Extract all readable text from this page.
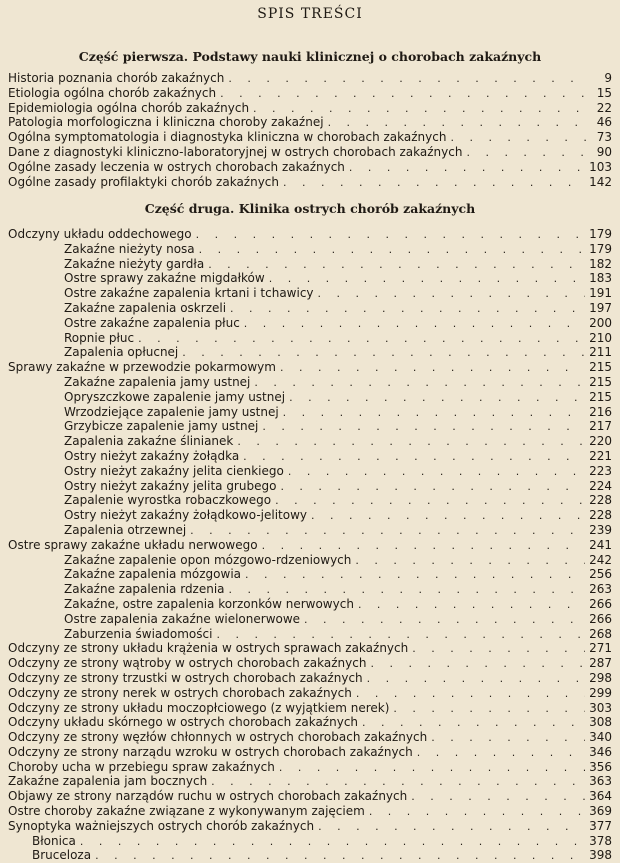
SPIS TREŚCI
Część pierwsza. Podstawy nauki klinicznej o chorobach zakaźnych
Historia poznania chorób zakaźnych . . .	9
Etiologia ogólna chorób zakaźnych . . .	15
Epidemiologia ogólna chorób zakaźnych . . .	22
Patologia morfologiczna i kliniczna choroby zakaźnej . . .	46
Ogólna symptomatologia i diagnostyka kliniczna w chorobach zakaźnych . . .	73
Dane z diagnostyki kliniczno-laboratoryjnej w ostrych chorobach zakaźnych . . .	90
Ogólne zasady leczenia w ostrych chorobach zakaźnych . . .	103
Ogólne zasady profilaktyki chorób zakaźnych . . .	142
Część druga. Klinika ostrych chorób zakaźnych
Odczyny układu oddechowego . . .	179
Zakaźne nieżyty nosa . . .	179
Zakaźne nieżyty gardła . . .	182
Ostre sprawy zakaźne migdałków . . .	183
Ostre zakaźne zapalenia krtani i tchawicy . . .	191
Zakaźne zapalenia oskrzeli . . .	197
Ostre zakaźne zapalenia płuc . . .	200
Ropnie płuc . . .	210
Zapalenia opłucnej . . .	211
Sprawy zakaźne w przewodzie pokarmowym . . .	215
Zakaźne zapalenia jamy ustnej . . .	215
Opryszczkowe zapalenie jamy ustnej . . .	215
Wrzodziejące zapalenie jamy ustnej . . .	216
Grzybicze zapalenie jamy ustnej . . .	217
Zapalenia zakaźne ślinianek . . .	220
Ostry nieżyt zakaźny żołądka . . .	221
Ostry nieżyt zakaźny jelita cienkiego . . .	223
Ostry nieżyt zakaźny jelita grubego . . .	224
Zapalenie wyrostka robaczkowego . . .	228
Ostry nieżyt zakaźny żołądkowo-jelitowy . . .	228
Zapalenia otrzewnej . . .	239
Ostre sprawy zakaźne układu nerwowego . . .	241
Zakaźne zapalenie opon mózgowo-rdzeniowych . . .	242
Zakaźne zapalenia mózgowia . . .	256
Zakaźne zapalenia rdzenia . . .	263
Zakaźne, ostre zapalenia korzonków nerwowych . . .	266
Ostre zapalenia zakaźne wielonerwowe . . .	266
Zaburzenia świadomości . . .	268
Odczyny ze strony układu krążenia w ostrych sprawach zakaźnych . . .	271
Odczyny ze strony wątroby w ostrych chorobach zakaźnych . . .	287
Odczyny ze strony trzustki w ostrych chorobach zakaźnych . . .	298
Odczyny ze strony nerek w ostrych chorobach zakaźnych . . .	299
Odczyny ze strony układu moczopłciowego (z wyjątkiem nerek) . . .	303
Odczyny układu skórnego w ostrych chorobach zakaźnych . . .	308
Odczyny ze strony węzłów chłonnych w ostrych chorobach zakaźnych . . .	340
Odczyny ze strony narządu wzroku w ostrych chorobach zakaźnych . . .	346
Choroby ucha w przebiegu spraw zakaźnych . . .	356
Zakaźne zapalenia jam bocznych . . .	363
Objawy ze strony narządów ruchu w ostrych chorobach zakaźnych . . .	364
Ostre choroby zakaźne związane z wykonywanym zajęciem . . .	369
Synoptyka ważniejszych ostrych chorób zakaźnych . . .	377
Błonica . . .	378
Bruceloza . . .	398
